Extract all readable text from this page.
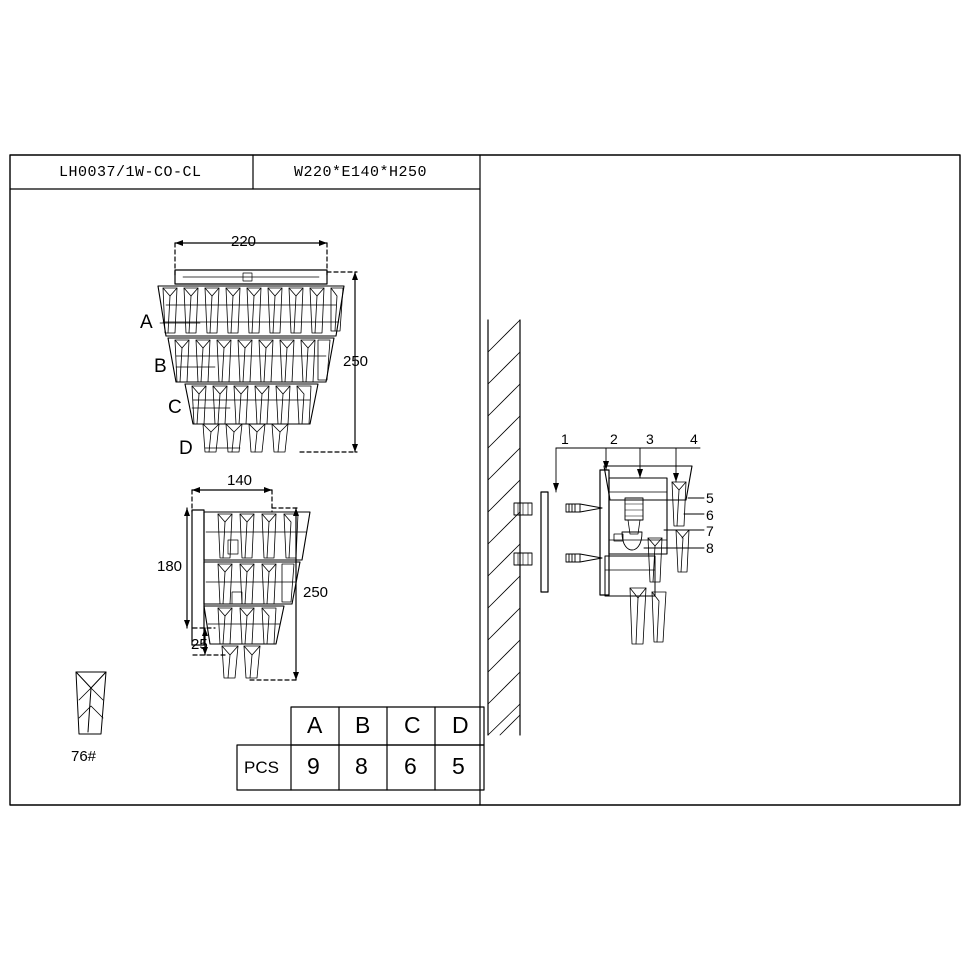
LH0037/1W-CO-CL	W220*E140*H250
220
250
A
B
C
D
140
180
250
25
76#
1	2 3	4
5
6
7
8
A B C D
PCS 9 8 6 5
